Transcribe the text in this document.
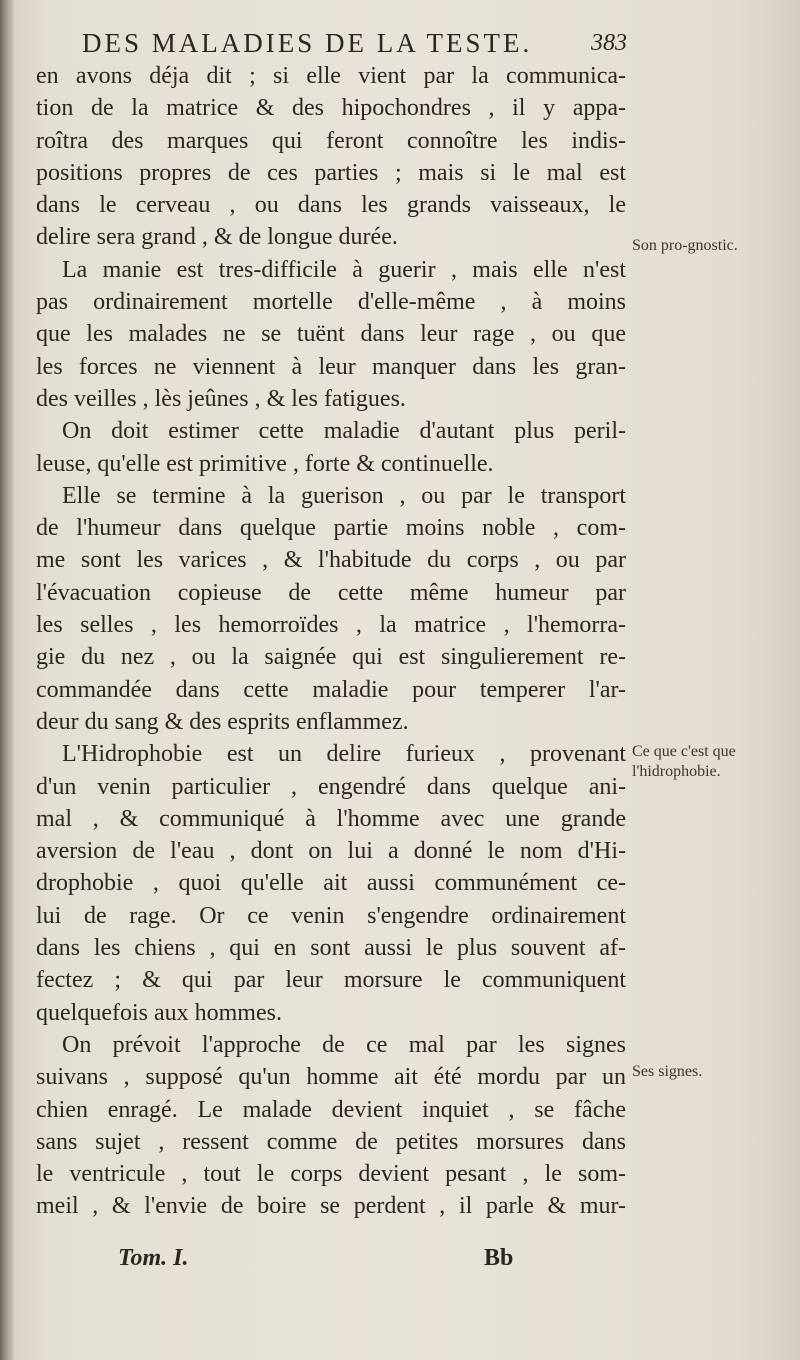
DES MALADIES DE LA TESTE. 383
en avons déja dit ; si elle vient par la communica-
tion de la matrice & des hipochondres , il y appa-
roîtra des marques qui feront connoître les indis-
positions propres de ces parties ; mais si le mal est
dans le cerveau , ou dans les grands vaisseaux, le
delire sera grand , & de longue durée.
La manie est tres-difficile à guerir , mais elle n'est
pas ordinairement mortelle d'elle-même , à moins
que les malades ne se tuënt dans leur rage , ou que
les forces ne viennent à leur manquer dans les gran-
des veilles , lès jeûnes , & les fatigues.
On doit estimer cette maladie d'autant plus peril-
leuse, qu'elle est primitive , forte & continuelle.
Elle se termine à la guerison , ou par le transport
de l'humeur dans quelque partie moins noble , com-
me sont les varices , & l'habitude du corps , ou par
l'évacuation copieuse de cette même humeur par
les selles , les hemorroïdes , la matrice , l'hemorra-
gie du nez , ou la saignée qui est singulierement re-
commandée dans cette maladie pour temperer l'ar-
deur du sang & des esprits enflammez.
L'Hidrophobie est un delire furieux , provenant
d'un venin particulier , engendré dans quelque ani-
mal , & communiqué à l'homme avec une grande
aversion de l'eau , dont on lui a donné le nom d'Hi-
drophobie , quoi qu'elle ait aussi communément ce-
lui de rage. Or ce venin s'engendre ordinairement
dans les chiens , qui en sont aussi le plus souvent af-
fectez ; & qui par leur morsure le communiquent
quelquefois aux hommes.
On prévoit l'approche de ce mal par les signes
suivans , supposé qu'un homme ait été mordu par un
chien enragé. Le malade devient inquiet , se fâche
sans sujet , ressent comme de petites morsures dans
le ventricule , tout le corps devient pesant , le som-
meil , & l'envie de boire se perdent , il parle & mur-
Son pro-gnostic.
Ce que c'est que l'hidrophobie.
Ses signes.
Tom. I.	Bb
